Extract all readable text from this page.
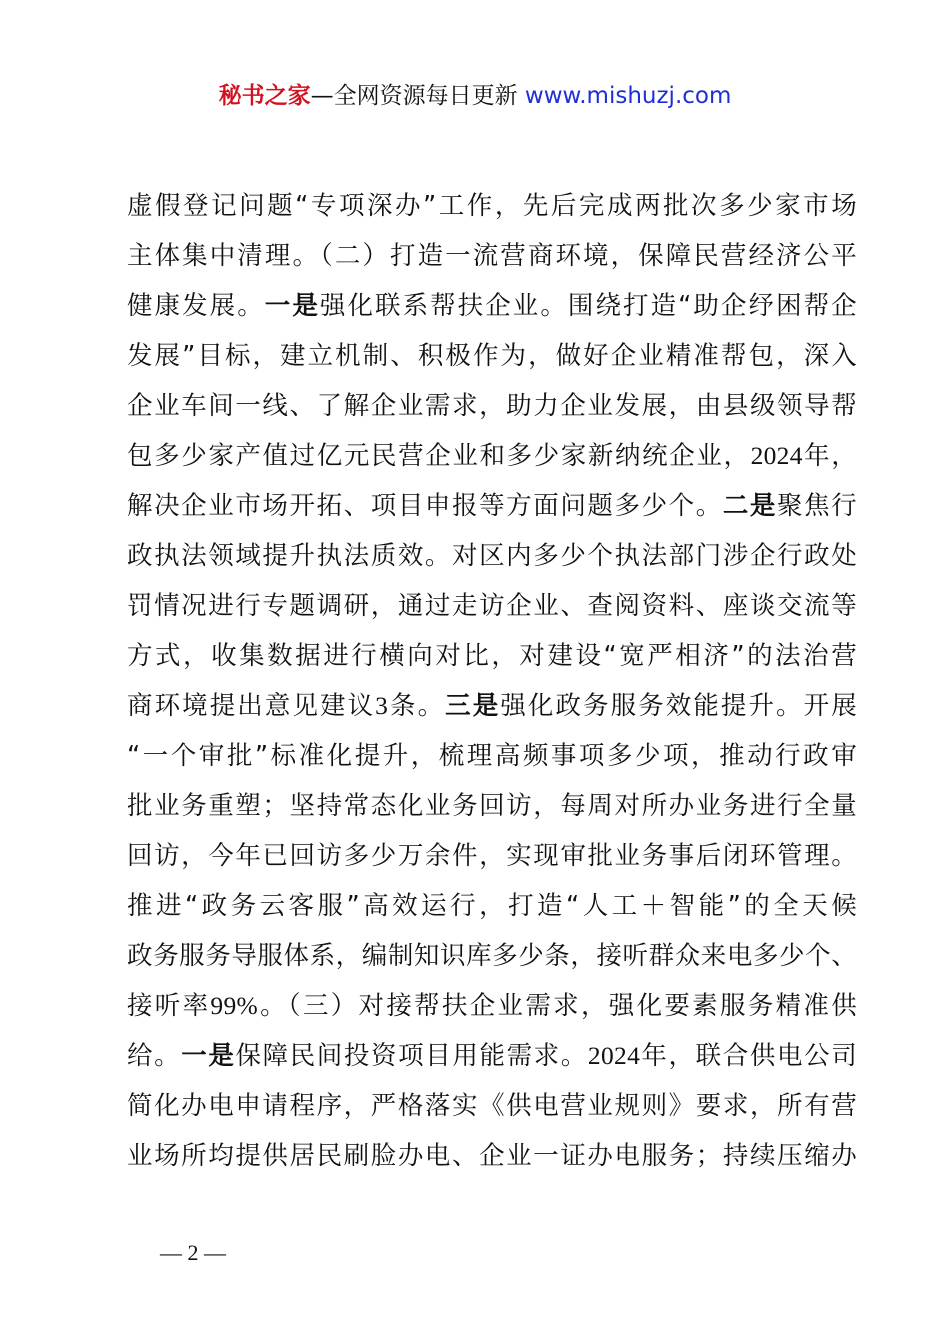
秘书之家—全网资源每日更新 www.mishuzj.com
虚假登记问题“专项深办”工作，先后完成两批次多少家市场
主体集中清理。（二）打造一流营商环境，保障民营经济公平
健康发展。一是强化联系帮扶企业。围绕打造“助企纾困帮企
发展”目标，建立机制、积极作为，做好企业精准帮包，深入
企业车间一线、了解企业需求，助力企业发展，由县级领导帮
包多少家产值过亿元民营企业和多少家新纳统企业，2024年，
解决企业市场开拓、项目申报等方面问题多少个。二是聚焦行
政执法领域提升执法质效。对区内多少个执法部门涉企行政处
罚情况进行专题调研，通过走访企业、查阅资料、座谈交流等
方式，收集数据进行横向对比，对建设“宽严相济”的法治营
商环境提出意见建议3条。三是强化政务服务效能提升。开展
“一个审批”标准化提升，梳理高频事项多少项，推动行政审
批业务重塑；坚持常态化业务回访，每周对所办业务进行全量
回访，今年已回访多少万余件，实现审批业务事后闭环管理。
推进“政务云客服”高效运行，打造“人工＋智能”的全天候
政务服务导服体系，编制知识库多少条，接听群众来电多少个、
接听率99%。（三）对接帮扶企业需求，强化要素服务精准供
给。一是保障民间投资项目用能需求。2024年，联合供电公司
简化办电申请程序，严格落实《供电营业规则》要求，所有营
业场所均提供居民刷脸办电、企业一证办电服务；持续压缩办
— 2 —
